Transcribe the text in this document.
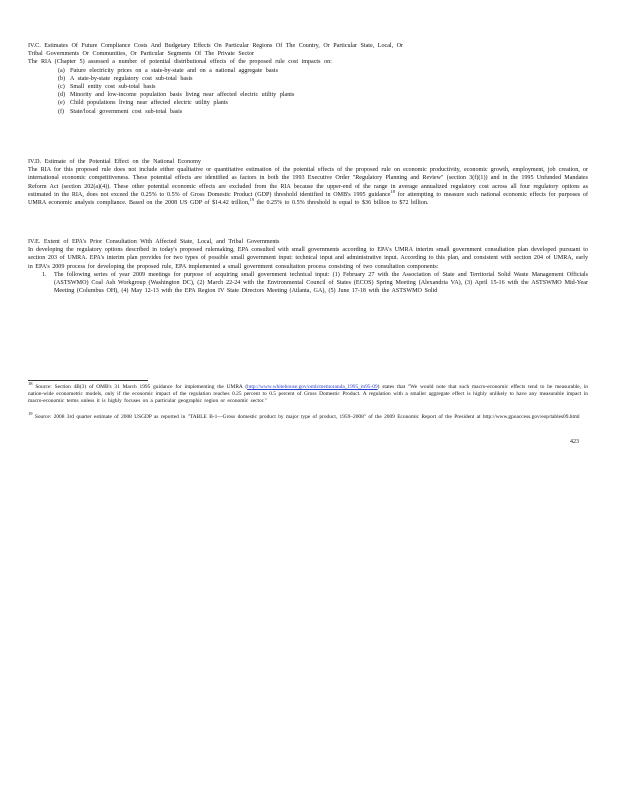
IV.C. Estimates Of Future Compliance Costs And Budgetary Effects On Particular Regions Of The Country, Or Particular State, Local, Or
Tribal Governments Or Communities, Or Particular Segments Of The Private Sector
The RIA (Chapter 5) assessed a number of potential distributional effects of the proposed rule cost impacts on:
(a) Future electricity prices on a state-by-state and on a national aggregate basis
(b) A state-by-state regulatory cost sub-total basis
(c) Small entity cost sub-total basis
(d) Minority and low-income population basis living near affected electric utility plants
(e) Child populations living near affected electric utility plants
(f) State/local government cost sub-total basis
IV.D. Estimate of the Potential Effect on the National Economy
The RIA for this proposed rule does not include either qualitative or quantitative estimation of the potential effects of the proposed rule on economic productivity, economic growth, employment, job creation, or international economic competitiveness. These potential effects are identified as factors in both the 1993 Executive Order "Regulatory Planning and Review" (section 3(f)(1)) and in the 1995 Unfunded Mandates Reform Act (section 202(a)(4)). These other potential economic effects are excluded from the RIA because the upper-end of the range in average annualized regulatory cost across all four regulatory options as estimated in the RIA, does not exceed the 0.25% to 0.5% of Gross Domestic Product (GDP) threshold identified in OMB's 1995 guidance$^{18}$ for attempting to measure such national economic effects for purposes of UMRA economic analysis compliance. Based on the 2008 US GDP of $14.42 trillion,$^{19}$ the 0.25% to 0.5% threshold is equal to $36 billion to $72 billion.
IV.E. Extent of EPA's Prior Consultation With Affected State, Local, and Tribal Governments
In developing the regulatory options described in today's proposed rulemaking, EPA consulted with small governments according to EPA's UMRA interim small government consultation plan developed pursuant to section 203 of UMRA. EPA's interim plan provides for two types of possible small government input: technical input and administrative input. According to this plan, and consistent with section 204 of UMRA, early in EPA's 2009 process for developing the proposed rule, EPA implemented a small government consultation process consisting of two consultation components:
1. The following series of year 2009 meetings for purpose of acquiring small government technical input: (1) February 27 with the Association of State and Territorial Solid Waste Management Officials (ASTSWMO) Coal Ash Workgroup (Washington DC), (2) March 22-24 with the Environmental Council of States (ECOS) Spring Meeting (Alexandria VA), (3) April 15-16 with the ASTSWMO Mid-Year Meeting (Columbus OH), (4) May 12-13 with the EPA Region IV State Directors Meeting (Atlanta, GA), (5) June 17-18 with the ASTSWMO Solid
$^{18}$ Source: Section 4B(3) of OMB's 31 March 1995 guidance for implementing the UMRA (http://www.whitehouse.gov/omb/memoranda_1995_m95-09) states that "We would note that such macro-economic effects tend to be measurable, in nation-wide econometric models, only if the economic impact of the regulation reaches 0.25 percent to 0.5 percent of Gross Domestic Product. A regulation with a smaller aggregate effect is highly unlikely to have any measurable impact in macro-economic terms unless it is highly focuses on a particular geographic region or economic sector."
$^{19}$ Source: 2008 3rd quarter estimate of 2008 USGDP as reported in "TABLE B-1—Gross domestic product by major type of product, 1959–2008" of the 2009 Economic Report of the President at http://www.gpoaccess.gov/eop/tables09.html
423
